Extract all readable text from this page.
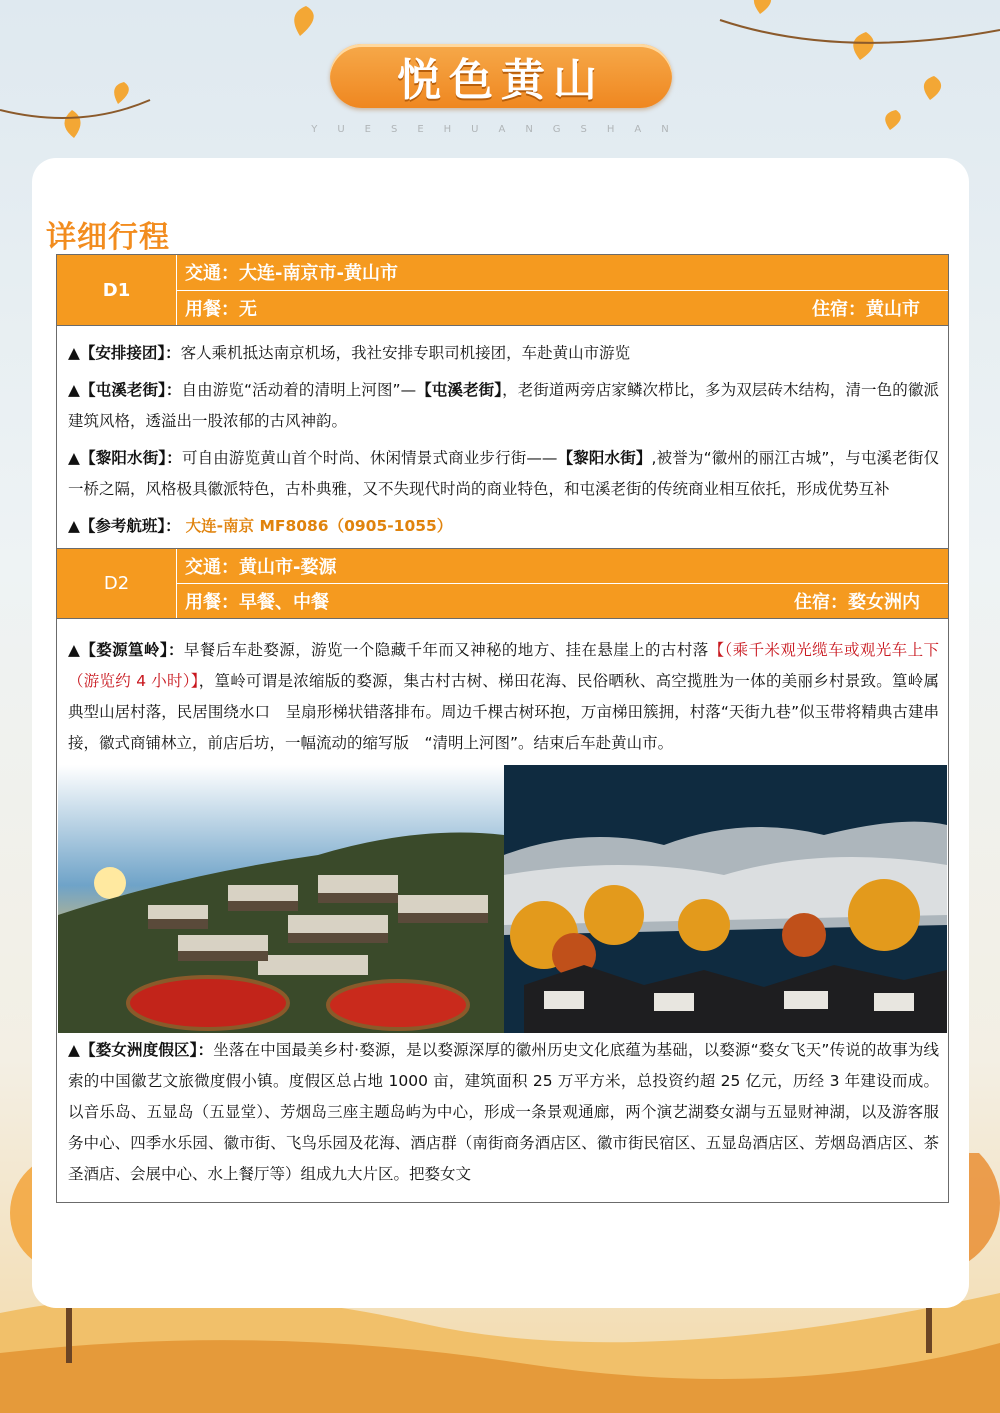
悦色黄山
YUESEHUANGSHAN
详细行程
D1
交通：大连-南京市-黄山市
用餐：无	住宿：黄山市

▲【安排接团】：客人乘机抵达南京机场，我社安排专职司机接团，车赴黄山市游览

▲【屯溪老街】：自由游览“活动着的清明上河图”—【屯溪老街】，老街道两旁店家鳞次栉比，多为双层砖木结构，清一色的徽派建筑风格，透溢出一股浓郁的古风神韵。

▲【黎阳水街】：可自由游览黄山首个时尚、休闲情景式商业步行街——【黎阳水街】,被誉为“徽州的丽江古城”，与屯溪老街仅一桥之隔，风格极具徽派特色，古朴典雅，又不失现代时尚的商业特色，和屯溪老街的传统商业相互依托，形成优势互补

▲【参考航班】： 大连-南京 MF8086（0905-1055）

D2
交通：黄山市-婺源
用餐：早餐、中餐	住宿：婺女洲内

▲【婺源篁岭】：早餐后车赴婺源，游览一个隐藏千年而又神秘的地方、挂在悬崖上的古村落【（乘千米观光缆车或观光车上下（游览约 4 小时）】，篁岭可谓是浓缩版的婺源，集古村古树、梯田花海、民俗晒秋、高空揽胜为一体的美丽乡村景致。篁岭属典型山居村落，民居围绕水口　呈扇形梯状错落排布。周边千棵古树环抱，万亩梯田簇拥，村落“天街九巷”似玉带将精典古建串接，徽式商铺林立，前店后坊，一幅流动的缩写版　“清明上河图”。结束后车赴黄山市。

▲【婺女洲度假区】：坐落在中国最美乡村·婺源，是以婺源深厚的徽州历史文化底蕴为基础，以婺源“婺女飞天”传说的故事为线索的中国徽艺文旅微度假小镇。度假区总占地 1000 亩，建筑面积 25 万平方米，总投资约超 25 亿元，历经 3 年建设而成。以音乐岛、五显岛（五显堂）、芳烟岛三座主题岛屿为中心，形成一条景观通廊，两个演艺湖婺女湖与五显财神湖，以及游客服务中心、四季水乐园、徽市街、飞鸟乐园及花海、酒店群（南街商务酒店区、徽市街民宿区、五显岛酒店区、芳烟岛酒店区、茶圣酒店、会展中心、水上餐厅等）组成九大片区。把婺女文
